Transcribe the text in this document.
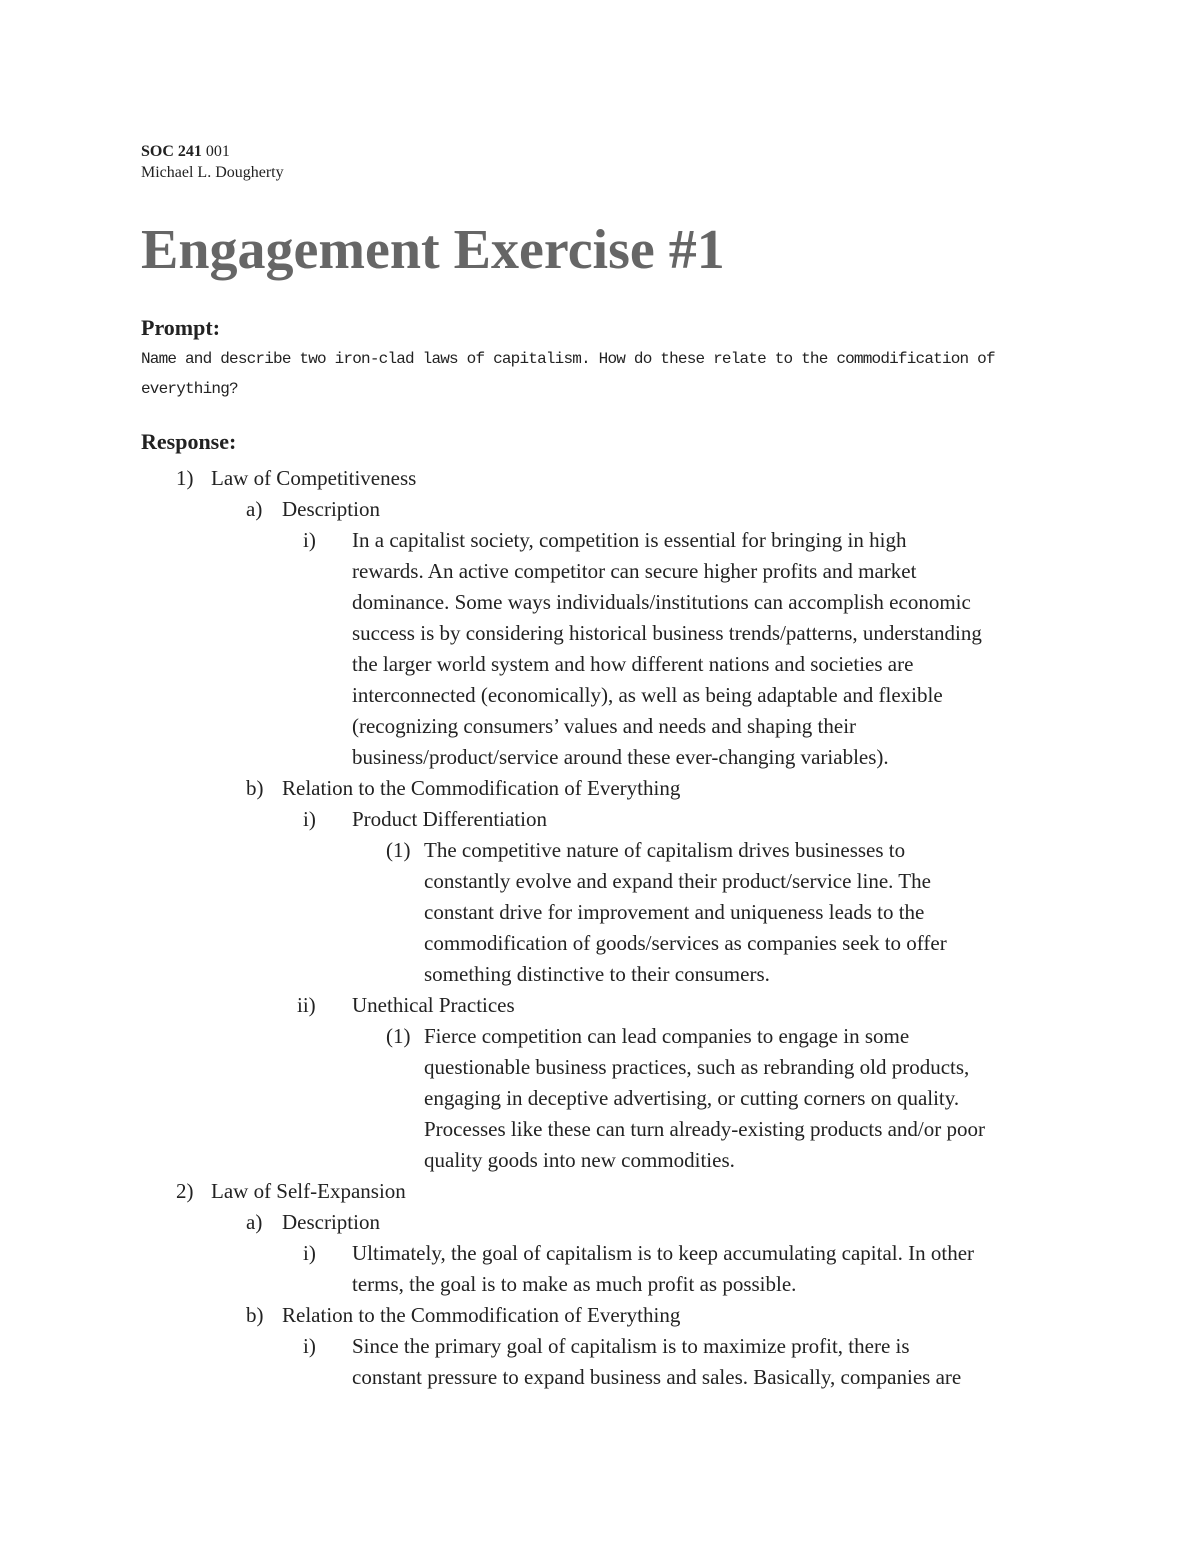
SOC 241 001
Michael L. Dougherty
Engagement Exercise #1
Prompt:
Name and describe two iron-clad laws of capitalism. How do these relate to the commodification of everything?
Response:
1) Law of Competitiveness
a) Description
i) In a capitalist society, competition is essential for bringing in high
rewards. An active competitor can secure higher profits and market
dominance. Some ways individuals/institutions can accomplish economic
success is by considering historical business trends/patterns, understanding
the larger world system and how different nations and societies are
interconnected (economically), as well as being adaptable and flexible
(recognizing consumers’ values and needs and shaping their
business/product/service around these ever-changing variables).
b) Relation to the Commodification of Everything
i) Product Differentiation
(1) The competitive nature of capitalism drives businesses to
constantly evolve and expand their product/service line. The
constant drive for improvement and uniqueness leads to the
commodification of goods/services as companies seek to offer
something distinctive to their consumers.
ii) Unethical Practices
(1) Fierce competition can lead companies to engage in some
questionable business practices, such as rebranding old products,
engaging in deceptive advertising, or cutting corners on quality.
Processes like these can turn already-existing products and/or poor
quality goods into new commodities.
2) Law of Self-Expansion
a) Description
i) Ultimately, the goal of capitalism is to keep accumulating capital. In other
terms, the goal is to make as much profit as possible.
b) Relation to the Commodification of Everything
i) Since the primary goal of capitalism is to maximize profit, there is
constant pressure to expand business and sales. Basically, companies are
